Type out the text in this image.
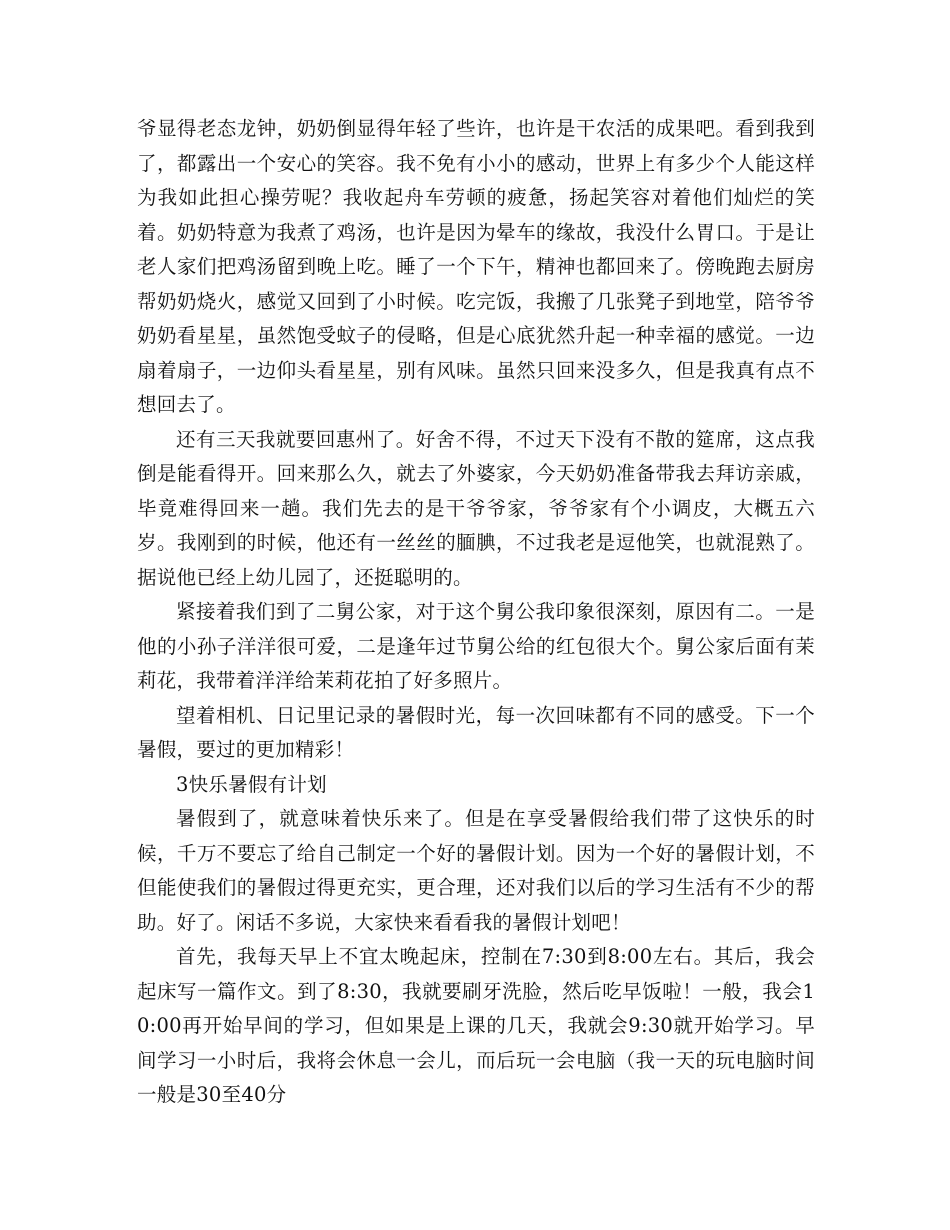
爷显得老态龙钟，奶奶倒显得年轻了些许，也许是干农活的成果吧。看到我到了，都露出一个安心的笑容。我不免有小小的感动，世界上有多少个人能这样为我如此担心操劳呢？我收起舟车劳顿的疲惫，扬起笑容对着他们灿烂的笑着。奶奶特意为我煮了鸡汤，也许是因为晕车的缘故，我没什么胃口。于是让老人家们把鸡汤留到晚上吃。睡了一个下午，精神也都回来了。傍晚跑去厨房帮奶奶烧火，感觉又回到了小时候。吃完饭，我搬了几张凳子到地堂，陪爷爷奶奶看星星，虽然饱受蚊子的侵略，但是心底犹然升起一种幸福的感觉。一边扇着扇子，一边仰头看星星，别有风味。虽然只回来没多久，但是我真有点不想回去了。

还有三天我就要回惠州了。好舍不得，不过天下没有不散的筵席，这点我倒是能看得开。回来那么久，就去了外婆家，今天奶奶准备带我去拜访亲戚，毕竟难得回来一趟。我们先去的是干爷爷家，爷爷家有个小调皮，大概五六岁。我刚到的时候，他还有一丝丝的腼腆，不过我老是逗他笑，也就混熟了。据说他已经上幼儿园了，还挺聪明的。

紧接着我们到了二舅公家，对于这个舅公我印象很深刻，原因有二。一是他的小孙子洋洋很可爱，二是逢年过节舅公给的红包很大个。舅公家后面有茉莉花，我带着洋洋给茉莉花拍了好多照片。

望着相机、日记里记录的暑假时光，每一次回味都有不同的感受。下一个暑假，要过的更加精彩！

3快乐暑假有计划

暑假到了，就意味着快乐来了。但是在享受暑假给我们带了这快乐的时候，千万不要忘了给自己制定一个好的暑假计划。因为一个好的暑假计划，不但能使我们的暑假过得更充实，更合理，还对我们以后的学习生活有不少的帮助。好了。闲话不多说，大家快来看看我的暑假计划吧！

首先，我每天早上不宜太晚起床，控制在7:30到8:00左右。其后，我会起床写一篇作文。到了8:30，我就要刷牙洗脸，然后吃早饭啦！一般，我会10:00再开始早间的学习，但如果是上课的几天，我就会9:30就开始学习。早间学习一小时后，我将会休息一会儿，而后玩一会电脑（我一天的玩电脑时间一般是30至40分
